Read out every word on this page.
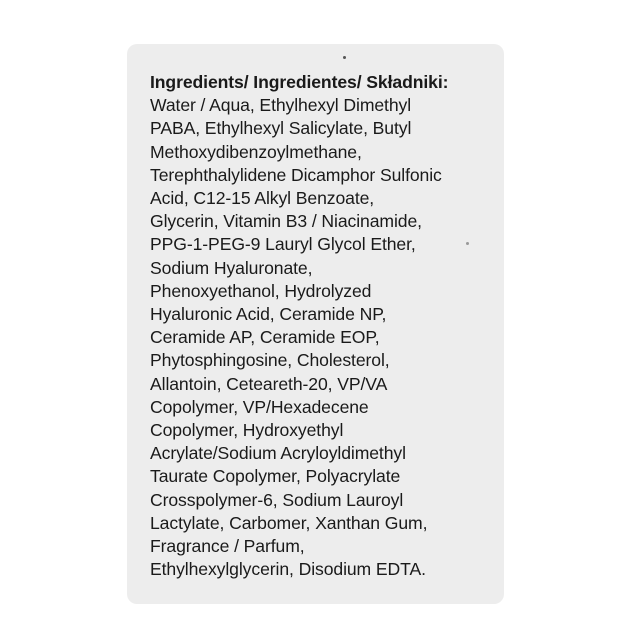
Ingredients/ Ingredientes/ Składniki:
Water / Aqua, Ethylhexyl Dimethyl
PABA, Ethylhexyl Salicylate, Butyl
Methoxydibenzoylmethane,
Terephthalylidene Dicamphor Sulfonic
Acid, C12-15 Alkyl Benzoate,
Glycerin, Vitamin B3 / Niacinamide,
PPG-1-PEG-9 Lauryl Glycol Ether,
Sodium Hyaluronate,
Phenoxyethanol, Hydrolyzed
Hyaluronic Acid, Ceramide NP,
Ceramide AP, Ceramide EOP,
Phytosphingosine, Cholesterol,
Allantoin, Ceteareth-20, VP/VA
Copolymer, VP/Hexadecene
Copolymer, Hydroxyethyl
Acrylate/Sodium Acryloyldimethyl
Taurate Copolymer, Polyacrylate
Crosspolymer-6, Sodium Lauroyl
Lactylate, Carbomer, Xanthan Gum,
Fragrance / Parfum,
Ethylhexylglycerin, Disodium EDTA.
